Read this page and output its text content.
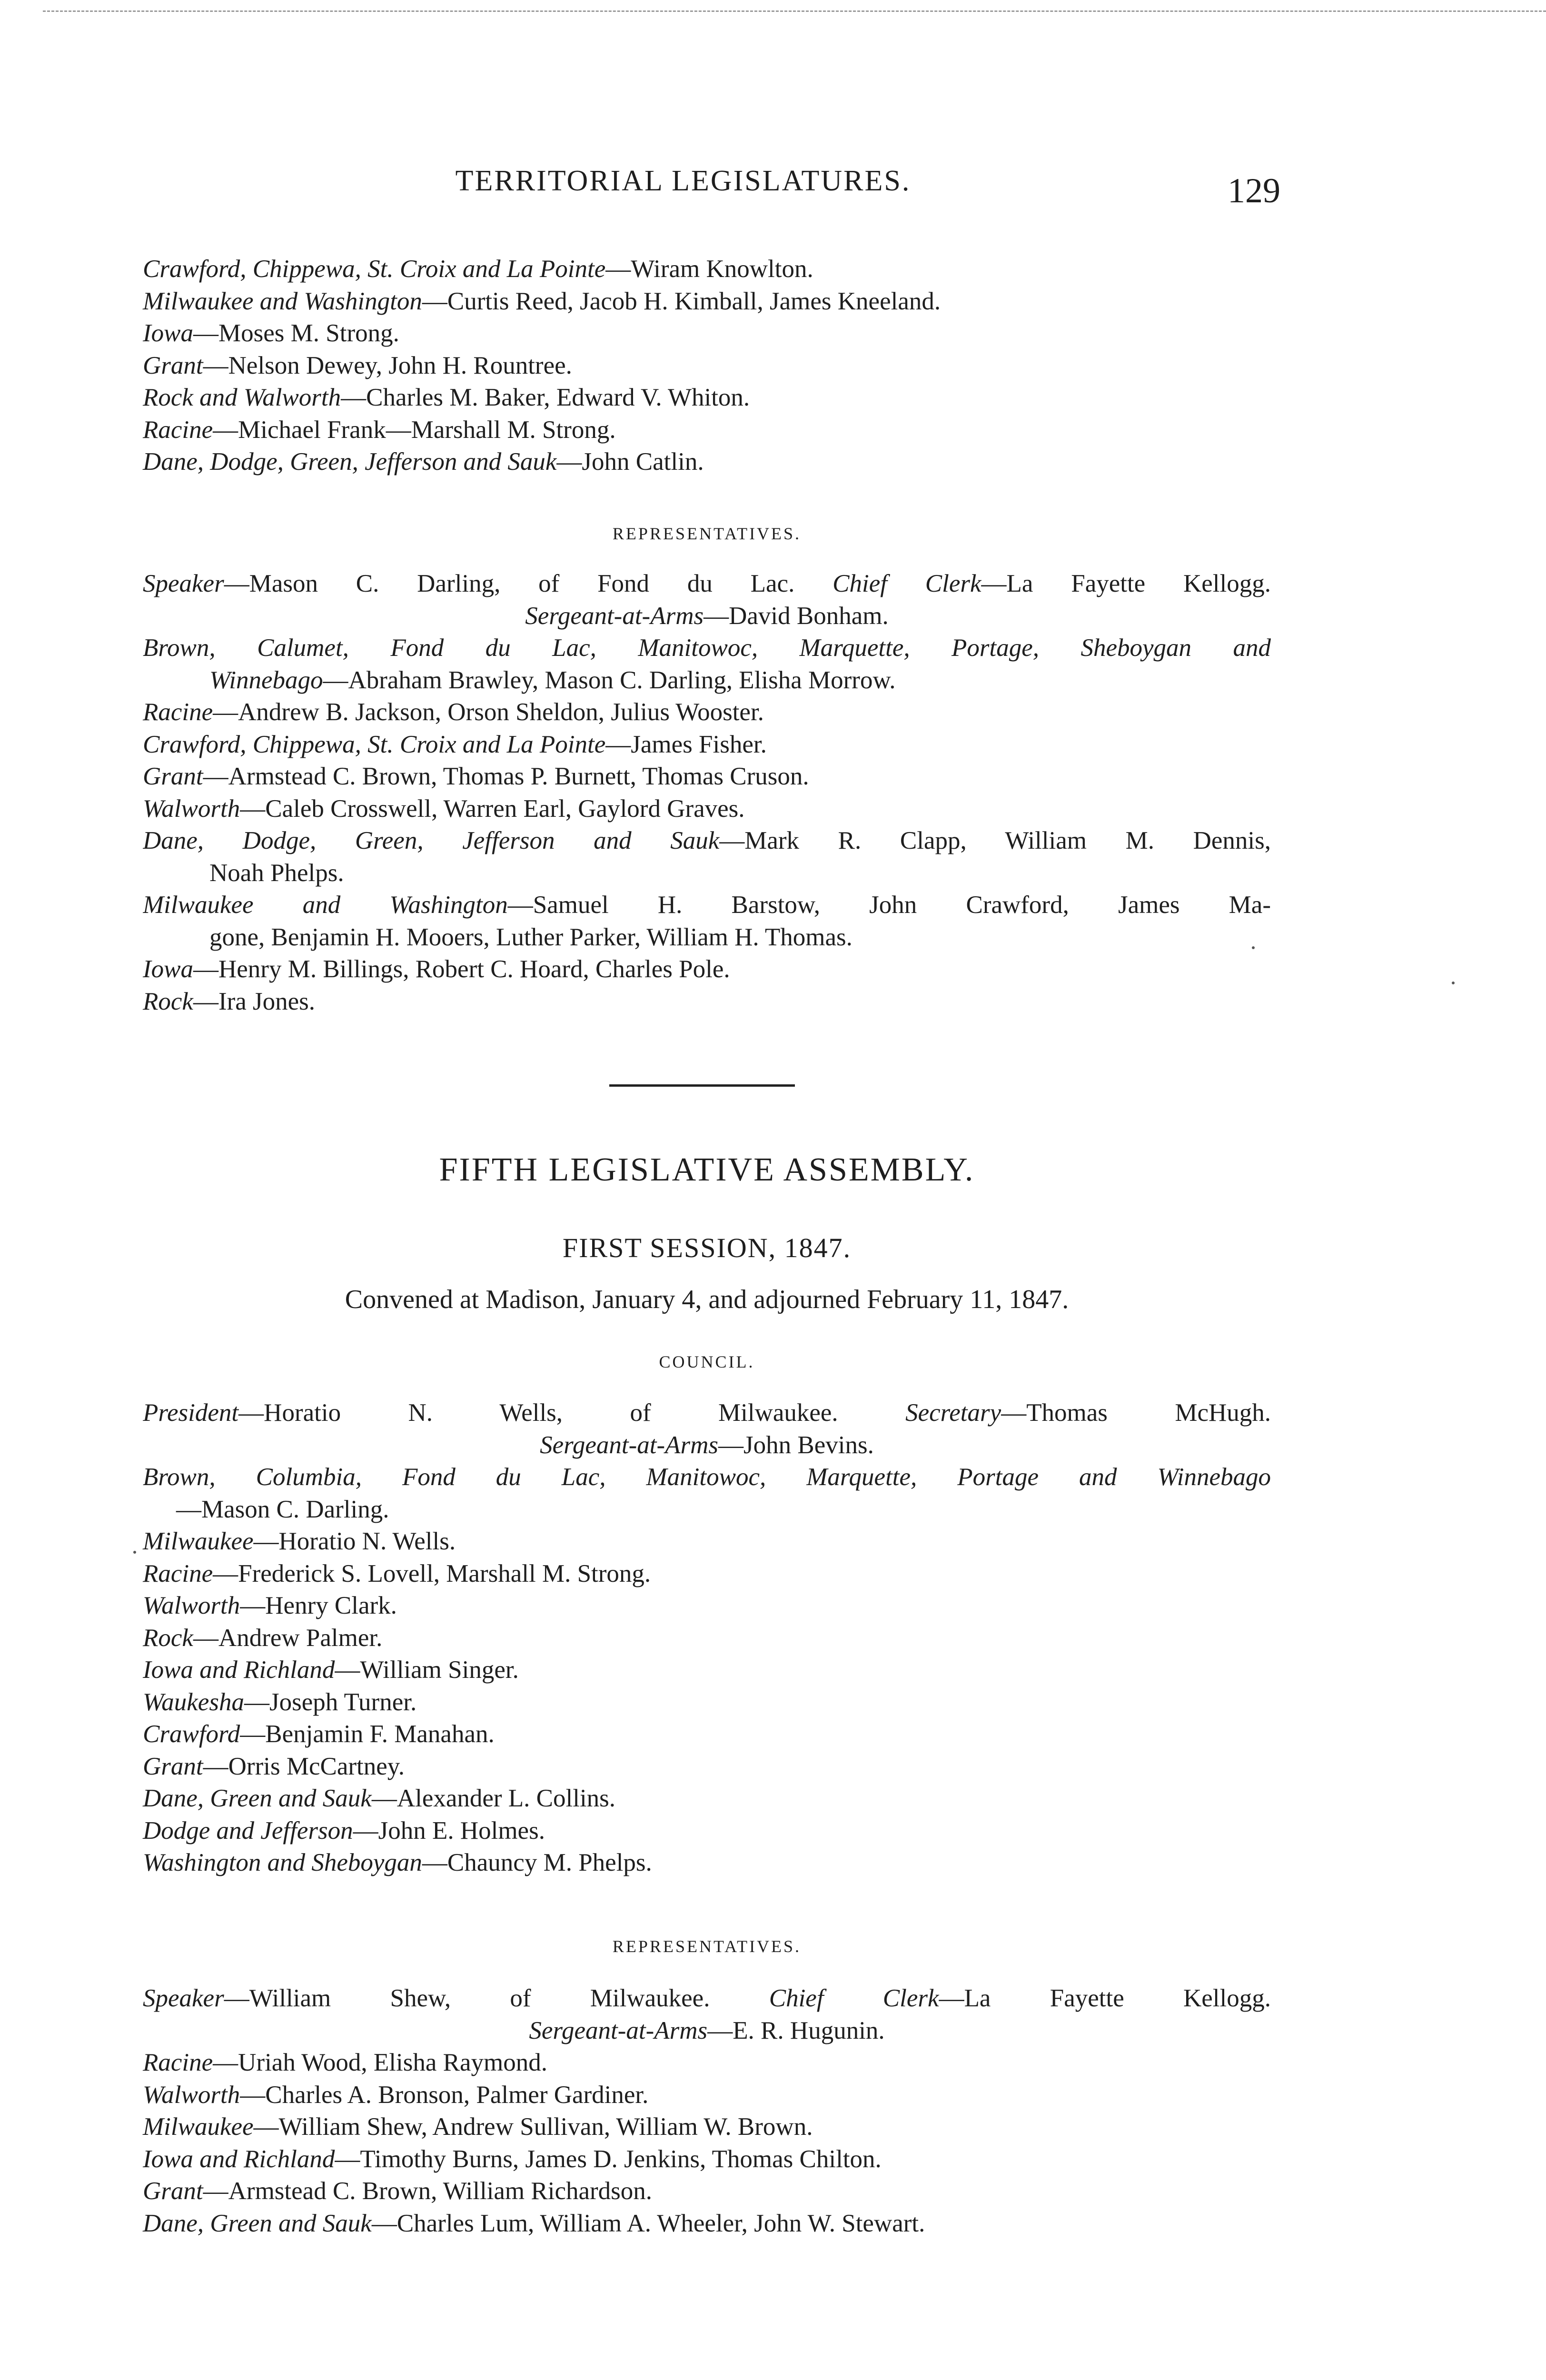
TERRITORIAL LEGISLATURES.	129
Crawford, Chippewa, St. Croix and La Pointe—Wiram Knowlton.
Milwaukee and Washington—Curtis Reed, Jacob H. Kimball, James Kneeland.
Iowa—Moses M. Strong.
Grant—Nelson Dewey, John H. Rountree.
Rock and Walworth—Charles M. Baker, Edward V. Whiton.
Racine—Michael Frank—Marshall M. Strong.
Dane, Dodge, Green, Jefferson and Sauk—John Catlin.
REPRESENTATIVES.
Speaker—Mason C. Darling, of Fond du Lac. Chief Clerk—La Fayette Kellogg.
Sergeant-at-Arms—David Bonham.
Brown, Calumet, Fond du Lac, Manitowoc, Marquette, Portage, Sheboygan and
Winnebago—Abraham Brawley, Mason C. Darling, Elisha Morrow.
Racine—Andrew B. Jackson, Orson Sheldon, Julius Wooster.
Crawford, Chippewa, St. Croix and La Pointe—James Fisher.
Grant—Armstead C. Brown, Thomas P. Burnett, Thomas Cruson.
Walworth—Caleb Crosswell, Warren Earl, Gaylord Graves.
Dane, Dodge, Green, Jefferson and Sauk—Mark R. Clapp, William M. Dennis,
Noah Phelps.
Milwaukee and Washington—Samuel H. Barstow, John Crawford, James Ma-
gone, Benjamin H. Mooers, Luther Parker, William H. Thomas.
Iowa—Henry M. Billings, Robert C. Hoard, Charles Pole.
Rock—Ira Jones.
FIFTH LEGISLATIVE ASSEMBLY.
FIRST SESSION, 1847.
Convened at Madison, January 4, and adjourned February 11, 1847.
COUNCIL.
President—Horatio N. Wells, of Milwaukee.	Secretary—Thomas McHugh.
Sergeant-at-Arms—John Bevins.
Brown, Columbia, Fond du Lac, Manitowoc, Marquette, Portage and Winnebago
—Mason C. Darling.
Milwaukee—Horatio N. Wells.
Racine—Frederick S. Lovell, Marshall M. Strong.
Walworth—Henry Clark.
Rock—Andrew Palmer.
Iowa and Richland—William Singer.
Waukesha—Joseph Turner.
Crawford—Benjamin F. Manahan.
Grant—Orris McCartney.
Dane, Green and Sauk—Alexander L. Collins.
Dodge and Jefferson—John E. Holmes.
Washington and Sheboygan—Chauncy M. Phelps.
REPRESENTATIVES.
Speaker—William Shew, of Milwaukee. Chief Clerk—La Fayette Kellogg.
Sergeant-at-Arms—E. R. Hugunin.
Racine—Uriah Wood, Elisha Raymond.
Walworth—Charles A. Bronson, Palmer Gardiner.
Milwaukee—William Shew, Andrew Sullivan, William W. Brown.
Iowa and Richland—Timothy Burns, James D. Jenkins, Thomas Chilton.
Grant—Armstead C. Brown, William Richardson.
Dane, Green and Sauk—Charles Lum, William A. Wheeler, John W. Stewart.
